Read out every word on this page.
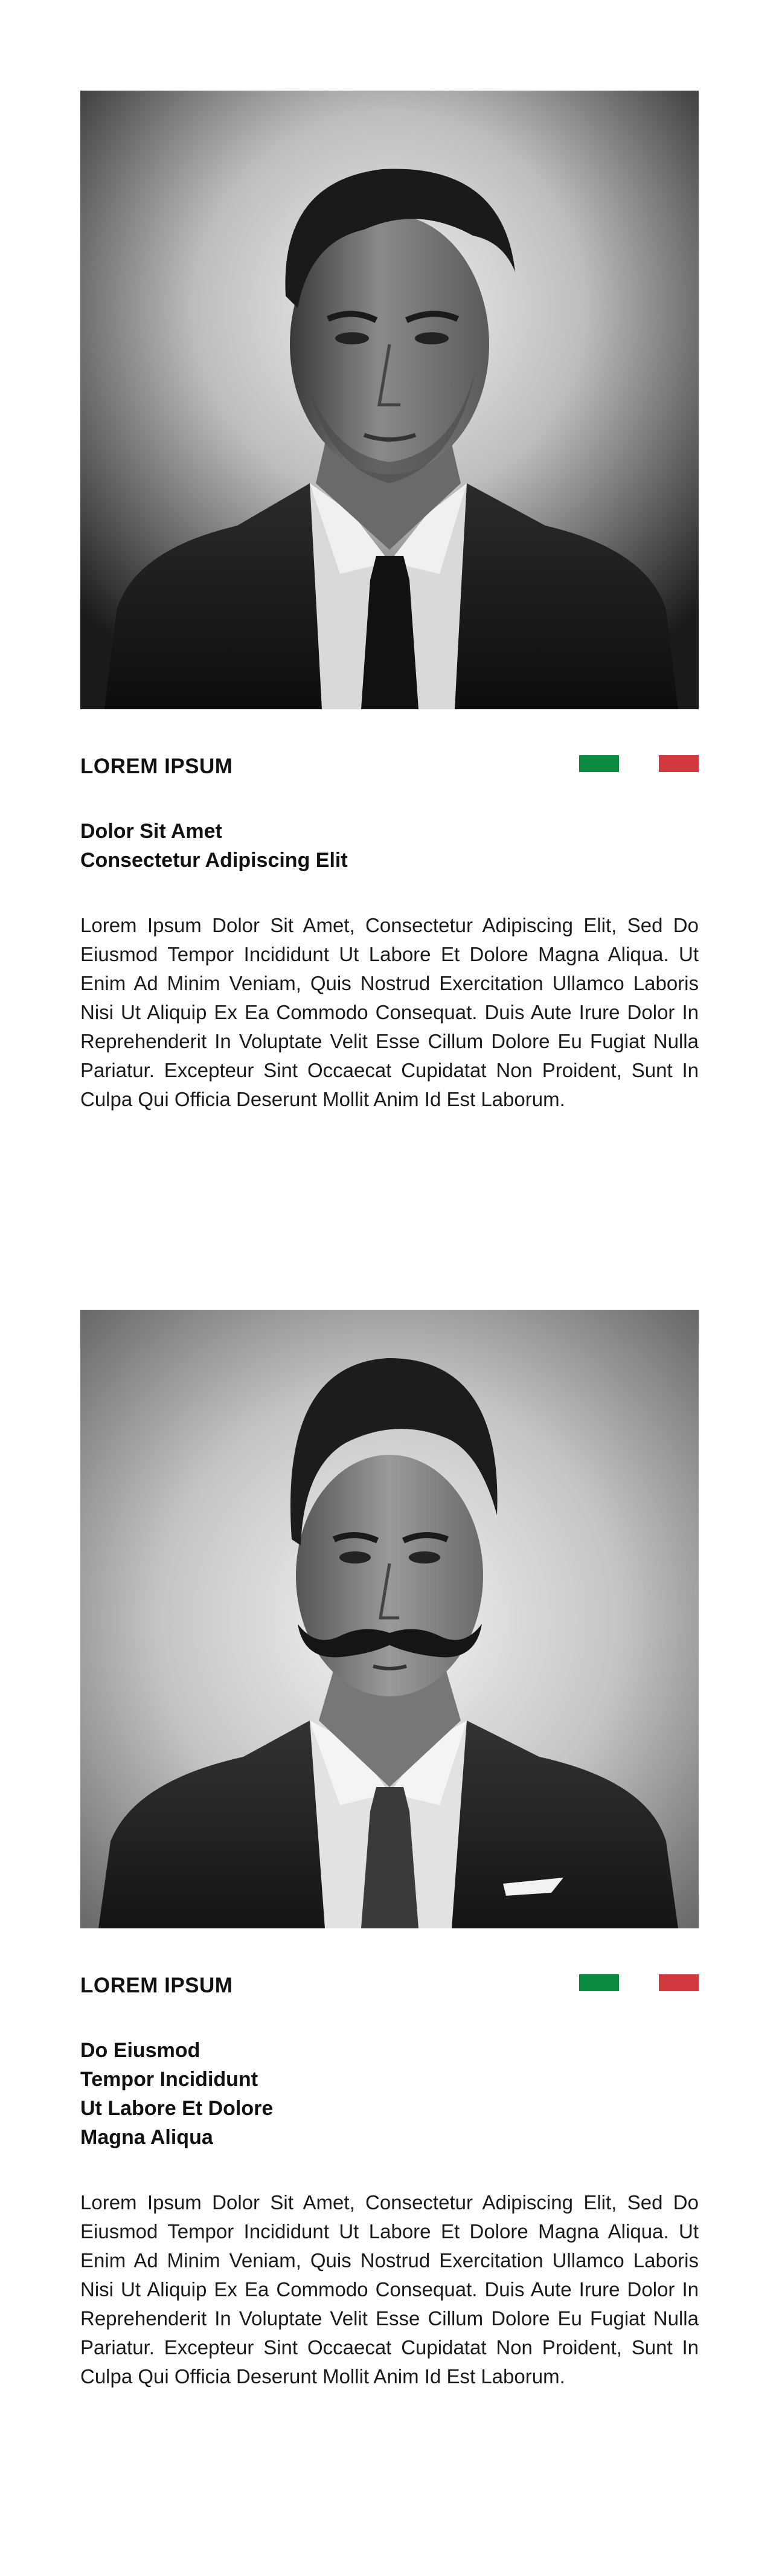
LOREM IPSUM
Dolor Sit Amet
Consectetur Adipiscing Elit
Lorem Ipsum Dolor Sit Amet, Consectetur Adipiscing Elit, Sed Do Eiusmod Tempor Incididunt Ut Labore Et Dolore Magna Aliqua. Ut Enim Ad Minim Veniam, Quis Nostrud Exercitation Ullamco Laboris Nisi Ut Aliquip Ex Ea Commodo Consequat. Duis Aute Irure Dolor In Reprehenderit In Voluptate Velit Esse Cillum Dolore Eu Fugiat Nulla Pariatur. Excepteur Sint Occaecat Cupidatat Non Proident, Sunt In Culpa Qui Officia Deserunt Mollit Anim Id Est Laborum.
LOREM IPSUM
Do Eiusmod
Tempor Incididunt
Ut Labore Et Dolore
Magna Aliqua
Lorem Ipsum Dolor Sit Amet, Consectetur Adipiscing Elit, Sed Do Eiusmod Tempor Incididunt Ut Labore Et Dolore Magna Aliqua. Ut Enim Ad Minim Veniam, Quis Nostrud Exercitation Ullamco Laboris Nisi Ut Aliquip Ex Ea Commodo Consequat. Duis Aute Irure Dolor In Reprehenderit In Voluptate Velit Esse Cillum Dolore Eu Fugiat Nulla Pariatur. Excepteur Sint Occaecat Cupidatat Non Proident, Sunt In Culpa Qui Officia Deserunt Mollit Anim Id Est Laborum.
